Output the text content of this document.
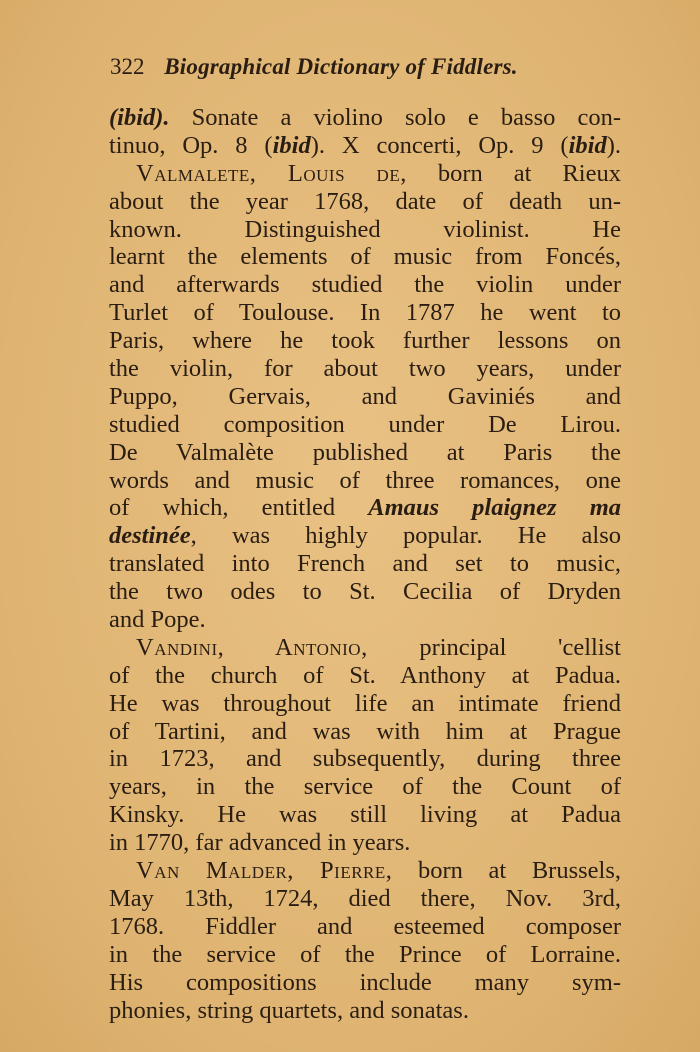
322 Biographical Dictionary of Fiddlers.
(ibid). Sonate a violino solo e basso con-
tinuo, Op. 8 (ibid). X concerti, Op. 9 (ibid).
Valmalete, Louis de, born at Rieux
about the year 1768, date of death un-
known. Distinguished violinist. He
learnt the elements of music from Foncés,
and afterwards studied the violin under
Turlet of Toulouse. In 1787 he went to
Paris, where he took further lessons on
the violin, for about two years, under
Puppo, Gervais, and Gaviniés and
studied composition under De Lirou.
De Valmalète published at Paris the
words and music of three romances, one
of which, entitled Amaus plaignez ma
destinée, was highly popular. He also
translated into French and set to music,
the two odes to St. Cecilia of Dryden
and Pope.
Vandini, Antonio, principal 'cellist
of the church of St. Anthony at Padua.
He was throughout life an intimate friend
of Tartini, and was with him at Prague
in 1723, and subsequently, during three
years, in the service of the Count of
Kinsky. He was still living at Padua
in 1770, far advanced in years.
Van Malder, Pierre, born at Brussels,
May 13th, 1724, died there, Nov. 3rd,
1768. Fiddler and esteemed composer
in the service of the Prince of Lorraine.
His compositions include many sym-
phonies, string quartets, and sonatas.
